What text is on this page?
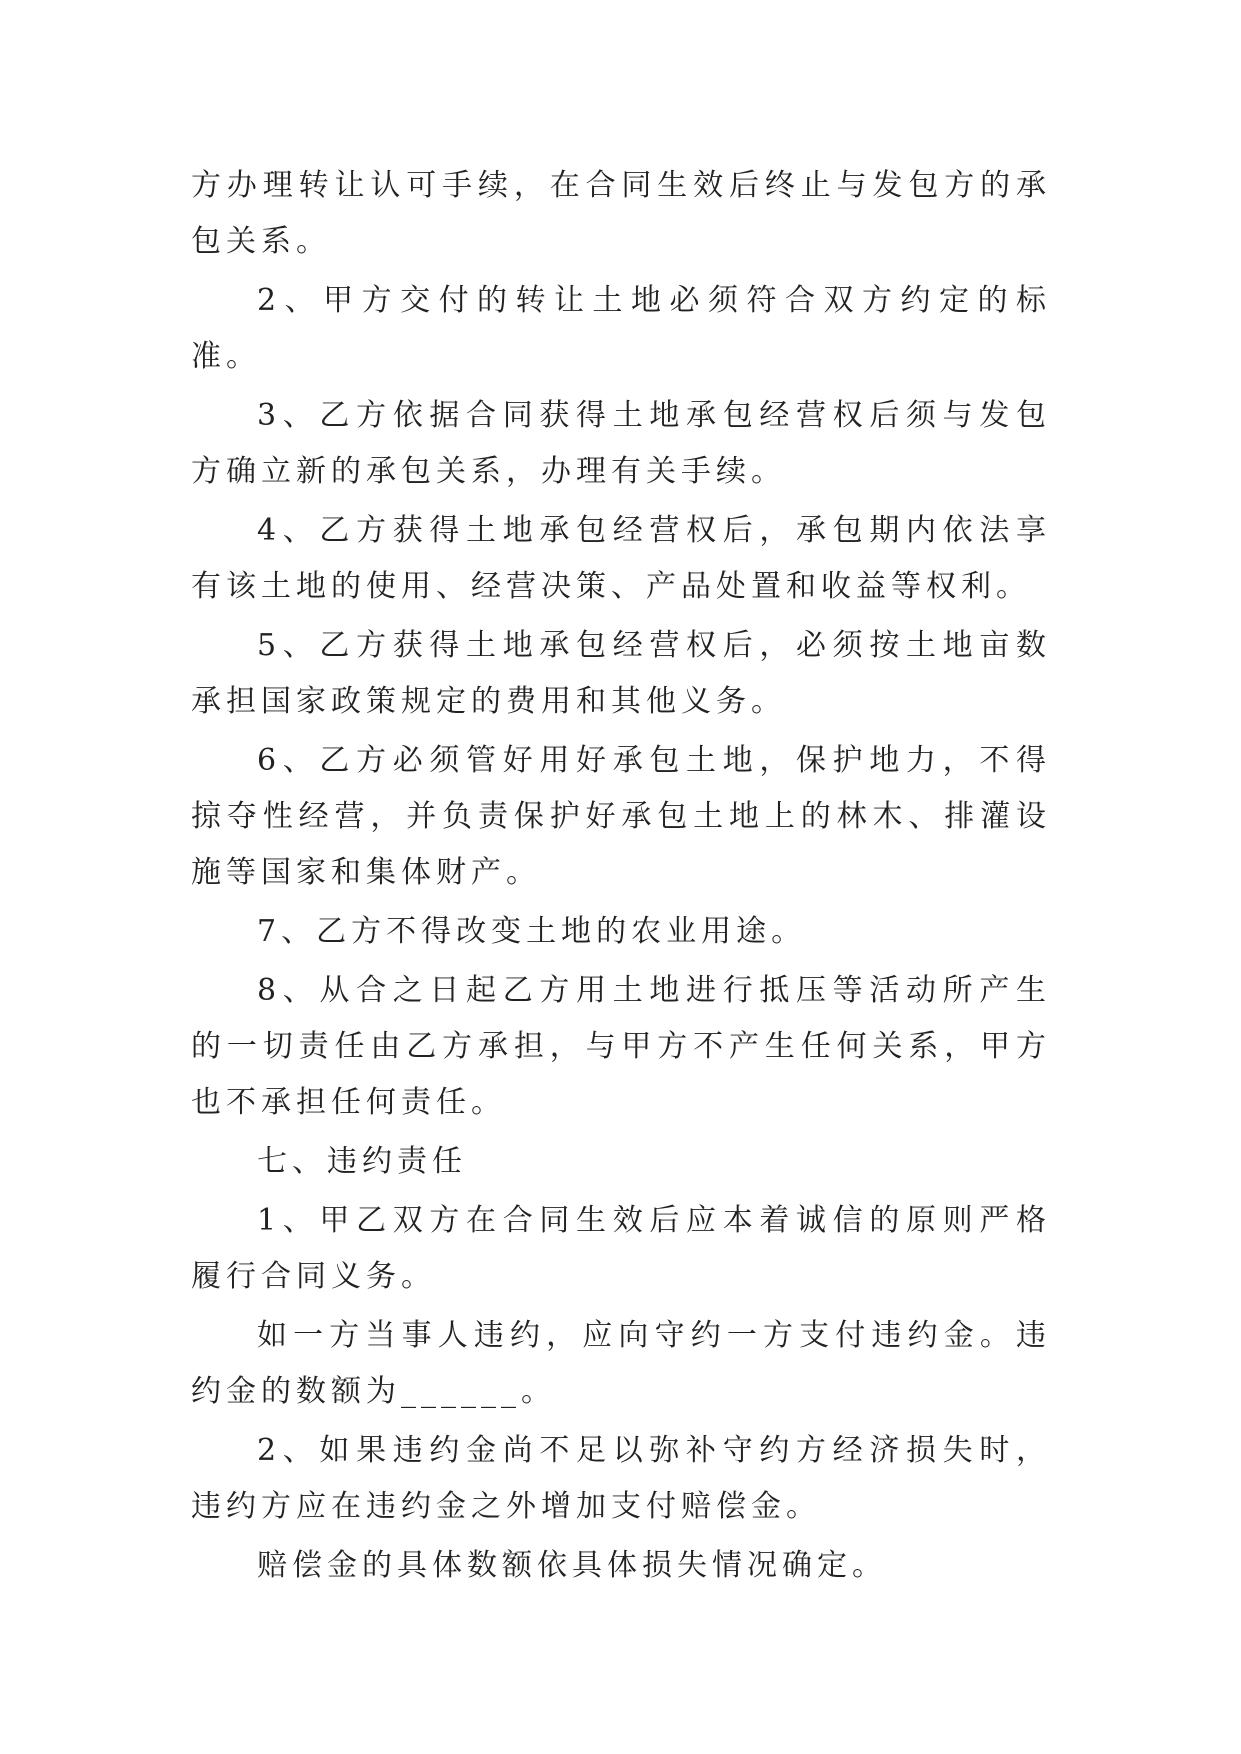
方办理转让认可手续，在合同生效后终止与发包方的承包关系。

2、甲方交付的转让土地必须符合双方约定的标准。

3、乙方依据合同获得土地承包经营权后须与发包方确立新的承包关系，办理有关手续。

4、乙方获得土地承包经营权后，承包期内依法享有该土地的使用、经营决策、产品处置和收益等权利。

5、乙方获得土地承包经营权后，必须按土地亩数承担国家政策规定的费用和其他义务。

6、乙方必须管好用好承包土地，保护地力，不得掠夺性经营，并负责保护好承包土地上的林木、排灌设施等国家和集体财产。

7、乙方不得改变土地的农业用途。

8、从合之日起乙方用土地进行抵压等活动所产生的一切责任由乙方承担，与甲方不产生任何关系，甲方也不承担任何责任。

七、违约责任

1、甲乙双方在合同生效后应本着诚信的原则严格履行合同义务。

如一方当事人违约，应向守约一方支付违约金。违约金的数额为______。

2、如果违约金尚不足以弥补守约方经济损失时，违约方应在违约金之外增加支付赔偿金。

赔偿金的具体数额依具体损失情况确定。
